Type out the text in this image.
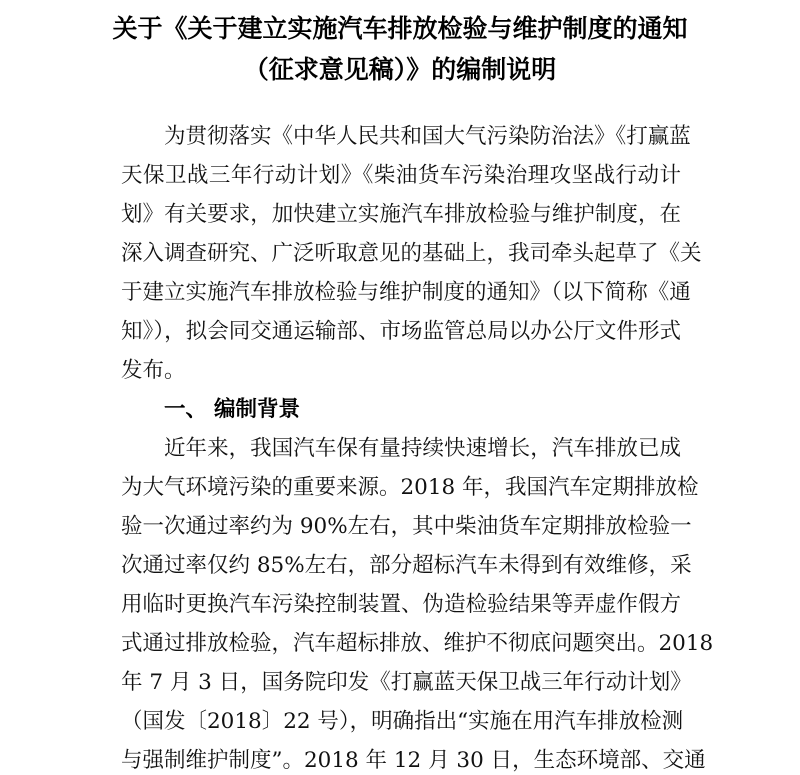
关于《关于建立实施汽车排放检验与维护制度的通知
（征求意见稿）》的编制说明
为贯彻落实《中华人民共和国大气污染防治法》《打赢蓝
天保卫战三年行动计划》《柴油货车污染治理攻坚战行动计
划》有关要求，加快建立实施汽车排放检验与维护制度，在
深入调查研究、广泛听取意见的基础上，我司牵头起草了《关
于建立实施汽车排放检验与维护制度的通知》（以下简称《通
知》），拟会同交通运输部、市场监管总局以办公厅文件形式
发布。
一、 编制背景
近年来，我国汽车保有量持续快速增长，汽车排放已成
为大气环境污染的重要来源。2018 年，我国汽车定期排放检
验一次通过率约为 90%左右，其中柴油货车定期排放检验一
次通过率仅约 85%左右，部分超标汽车未得到有效维修，采
用临时更换汽车污染控制装置、伪造检验结果等弄虚作假方
式通过排放检验，汽车超标排放、维护不彻底问题突出。2018
年 7 月 3 日，国务院印发《打赢蓝天保卫战三年行动计划》
（国发〔2018〕22 号），明确指出“实施在用汽车排放检测
与强制维护制度”。2018 年 12 月 30 日，生态环境部、交通
